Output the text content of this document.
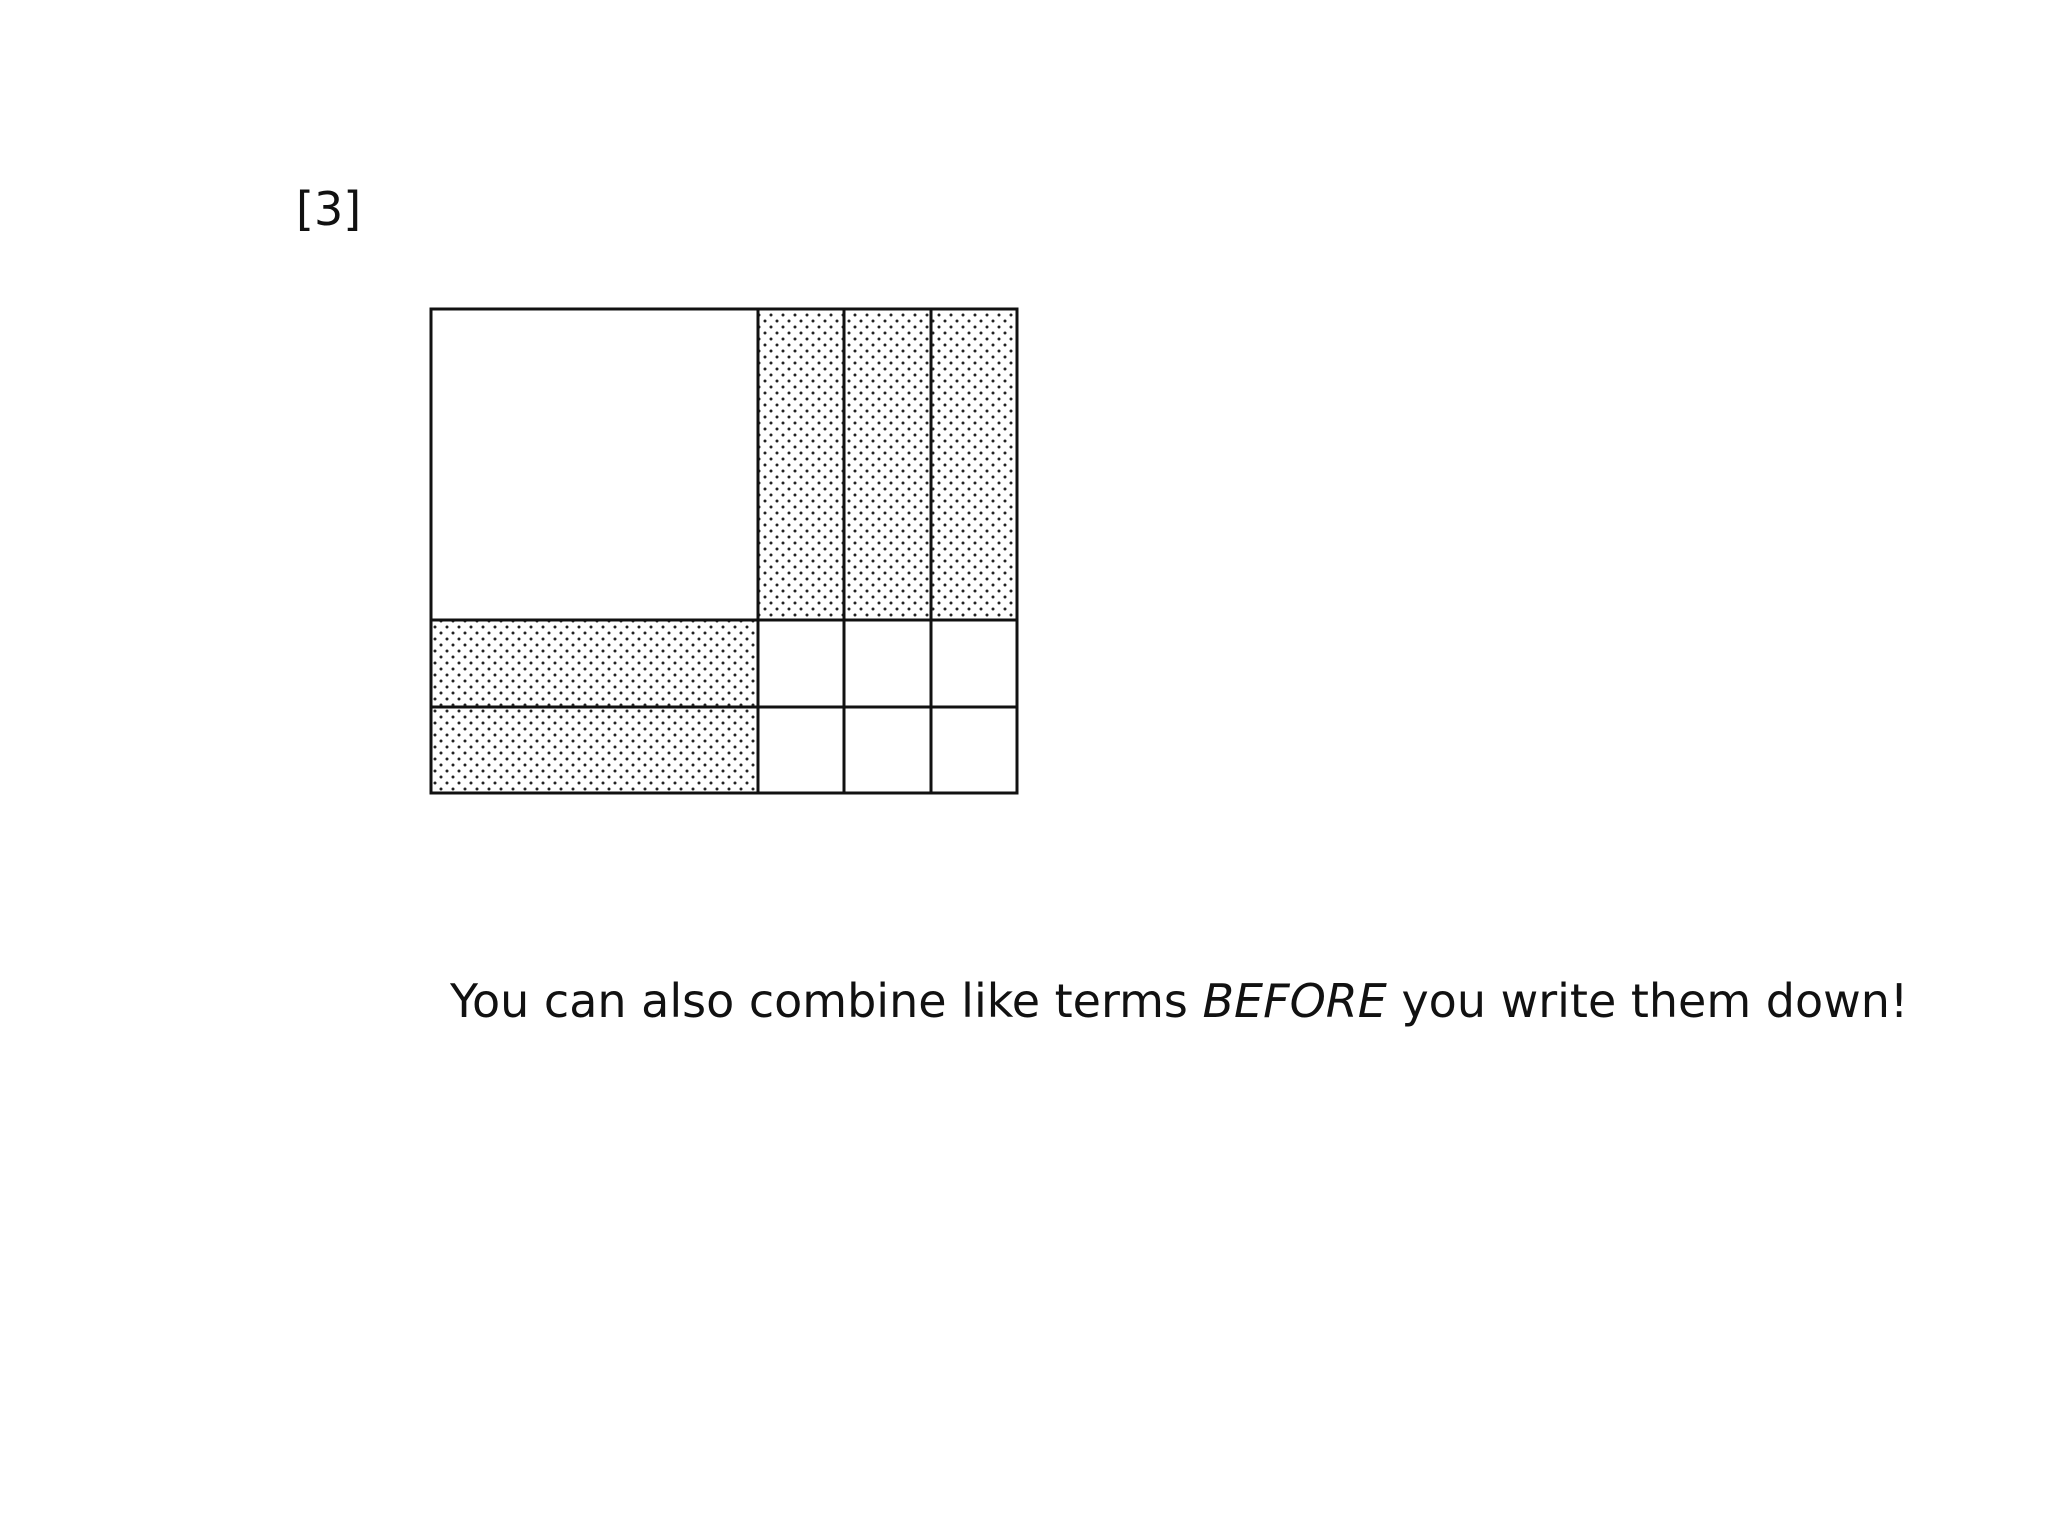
[3]
You can also combine like terms BEFORE you write them down!
